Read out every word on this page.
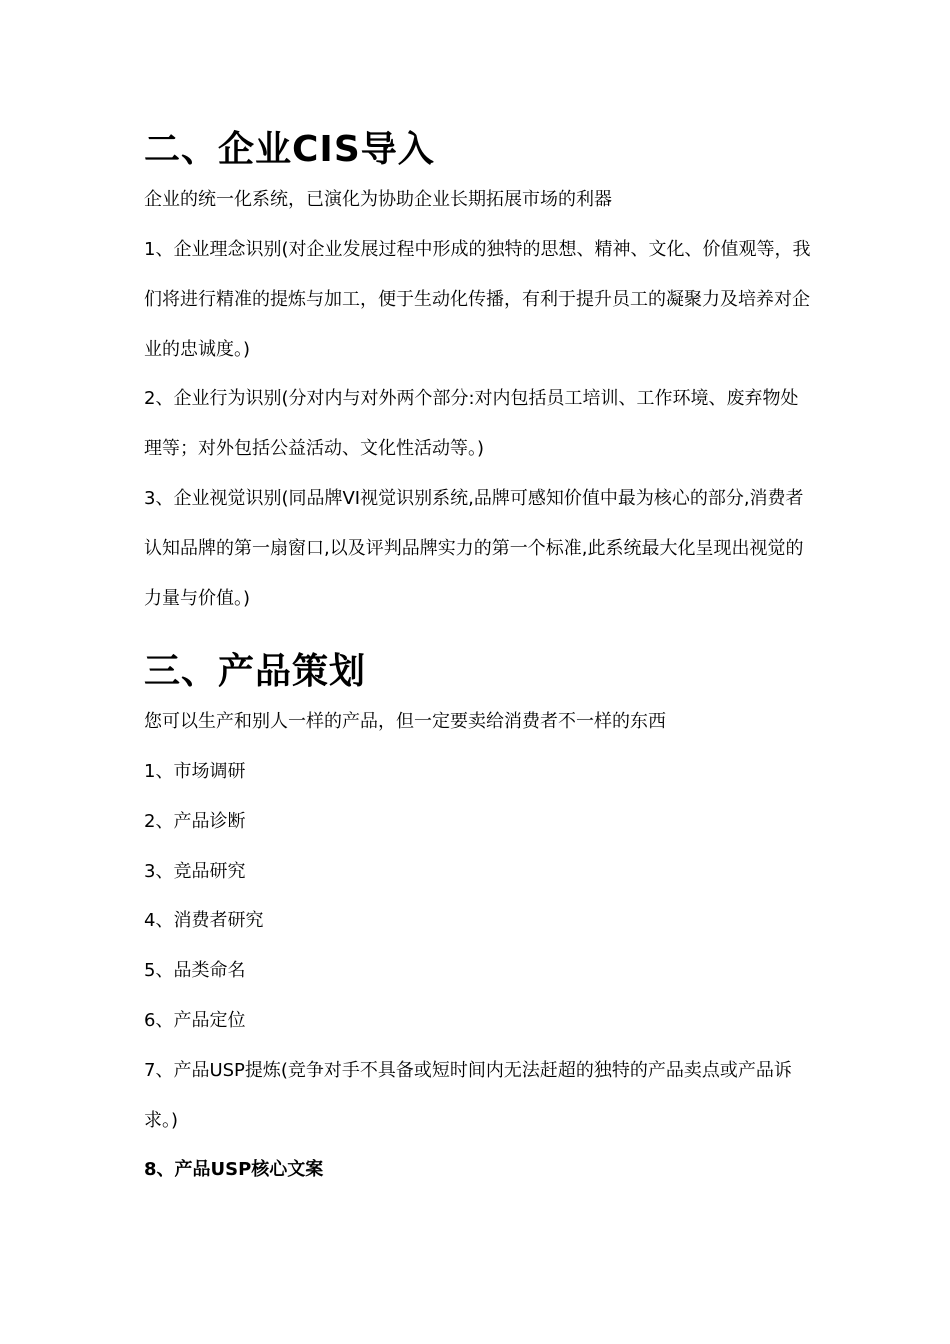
二、企业CIS导入
企业的统一化系统，已演化为协助企业长期拓展市场的利器
1、企业理念识别(对企业发展过程中形成的独特的思想、精神、文化、价值观等，我们将进行精准的提炼与加工，便于生动化传播，有利于提升员工的凝聚力及培养对企业的忠诚度。)
2、企业行为识别(分对内与对外两个部分:对内包括员工培训、工作环境、废弃物处理等；对外包括公益活动、文化性活动等。)
3、企业视觉识别(同品牌VI视觉识别系统,品牌可感知价值中最为核心的部分,消费者认知品牌的第一扇窗口,以及评判品牌实力的第一个标准,此系统最大化呈现出视觉的力量与价值。)
三、产品策划
您可以生产和别人一样的产品，但一定要卖给消费者不一样的东西
1、市场调研
2、产品诊断
3、竞品研究
4、消费者研究
5、品类命名
6、产品定位
7、产品USP提炼(竞争对手不具备或短时间内无法赶超的独特的产品卖点或产品诉求。)
8、产品USP核心文案
